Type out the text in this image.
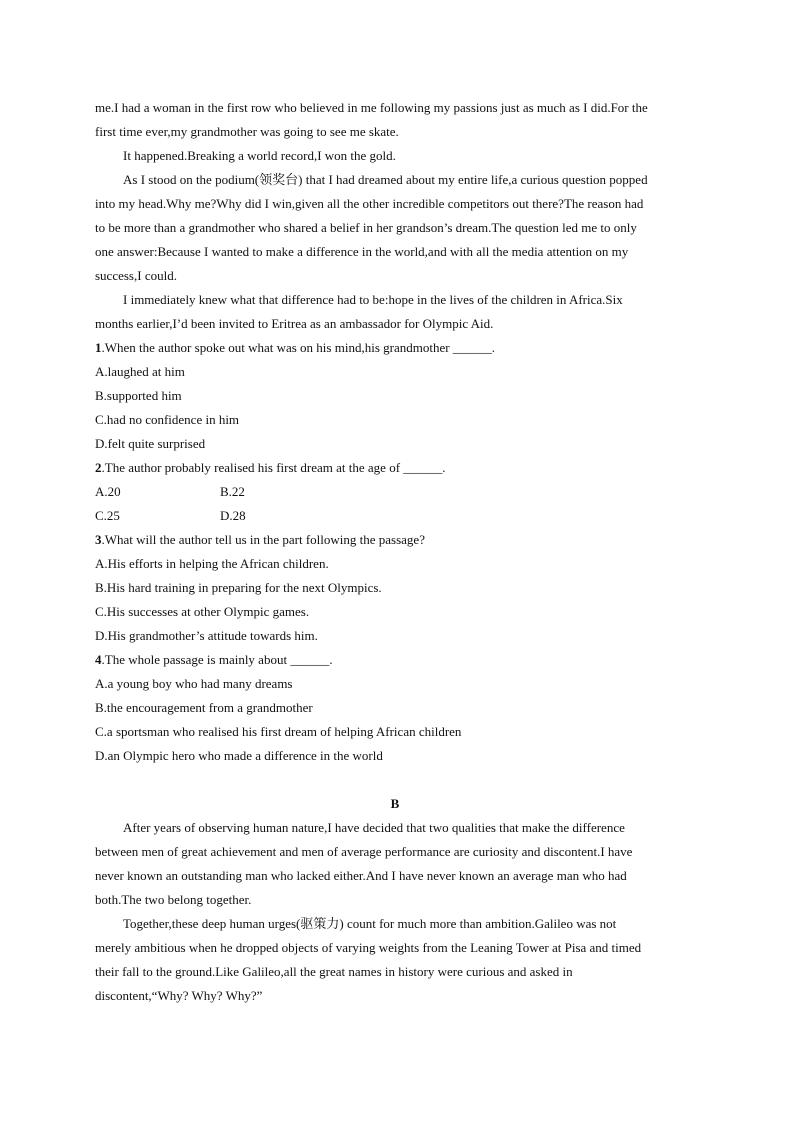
me.I had a woman in the first row who believed in me following my passions just as much as I did.For the

first time ever,my grandmother was going to see me skate.

It happened.Breaking a world record,I won the gold.

As I stood on the podium(领奖台) that I had dreamed about my entire life,a curious question popped

into my head.Why me?Why did I win,given all the other incredible competitors out there?The reason had

to be more than a grandmother who shared a belief in her grandson’s dream.The question led me to only

one answer:Because I wanted to make a difference in the world,and with all the media attention on my

success,I could.

I immediately knew what that difference had to be:hope in the lives of the children in Africa.Six

months earlier,I’d been invited to Eritrea as an ambassador for Olympic Aid.

1.When the author spoke out what was on his mind,his grandmother ______.

A.laughed at him

B.supported him

C.had no confidence in him

D.felt quite surprised

2.The author probably realised his first dream at the age of ______.

A.20	B.22

C.25	D.28

3.What will the author tell us in the part following the passage?

A.His efforts in helping the African children.

B.His hard training in preparing for the next Olympics.

C.His successes at other Olympic games.

D.His grandmother’s attitude towards him.

4.The whole passage is mainly about ______.

A.a young boy who had many dreams

B.the encouragement from a grandmother

C.a sportsman who realised his first dream of helping African children

D.an Olympic hero who made a difference in the world

B

After years of observing human nature,I have decided that two qualities that make the difference

between men of great achievement and men of average performance are curiosity and discontent.I have

never known an outstanding man who lacked either.And I have never known an average man who had

both.The two belong together.

Together,these deep human urges(驱策力) count for much more than ambition.Galileo was not

merely ambitious when he dropped objects of varying weights from the Leaning Tower at Pisa and timed

their fall to the ground.Like Galileo,all the great names in history were curious and asked in

discontent,“Why? Why? Why?”
